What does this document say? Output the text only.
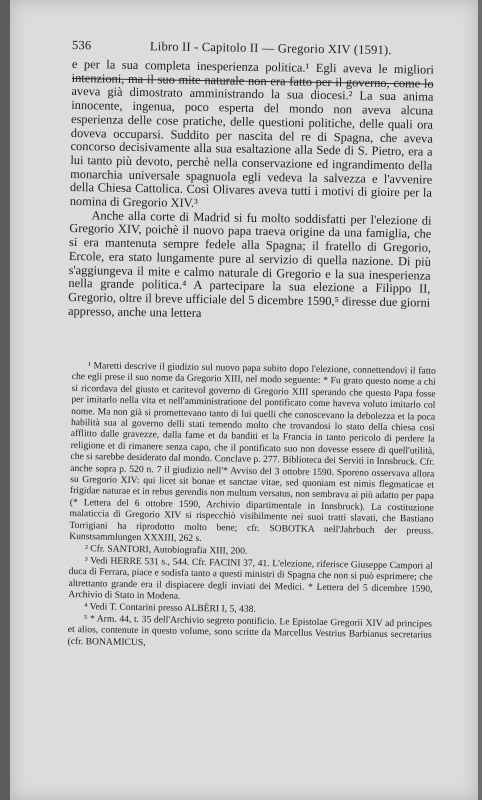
536	Libro II - Capitolo II — Gregorio XIV (1591).

e per la sua completa inesperienza politica.¹ Egli aveva le migliori intenzioni, ma il suo mite naturale non era fatto per il governo, come lo aveva già dimostrato amministrando la sua diocesi.² La sua anima innocente, ingenua, poco esperta del mondo non aveva alcuna esperienza delle cose pratiche, delle questioni politiche, delle quali ora doveva occuparsi. Suddito per nascita del re di Spagna, che aveva concorso decisivamente alla sua esaltazione alla Sede di S. Pietro, era a lui tanto più devoto, perchè nella conservazione ed ingrandimento della monarchia universale spagnuola egli vedeva la salvezza e l'avvenire della Chiesa Cattolica. Così Olivares aveva tutti i motivi di gioire per la nomina di Gregorio XIV.³

Anche alla corte di Madrid si fu molto soddisfatti per l'elezione di Gregorio XIV, poichè il nuovo papa traeva origine da una famiglia, che si era mantenuta sempre fedele alla Spagna; il fratello di Gregorio, Ercole, era stato lungamente pure al servizio di quella nazione. Di più s'aggiungeva il mite e calmo naturale di Gregorio e la sua inesperienza nella grande politica.⁴ A partecipare la sua elezione a Filippo II, Gregorio, oltre il breve ufficiale del 5 dicembre 1590,⁵ diresse due giorni appresso, anche una lettera

¹ Maretti descrive il giudizio sul nuovo papa subito dopo l'elezione, connettendovi il fatto che egli prese il suo nome da Gregorio XIII, nel modo seguente: * Fu grato questo nome a chi si ricordava del giusto et caritevol governo di Gregorio XIII sperando che questo Papa fosse per imitarlo nella vita et nell'amministratione del pontificato come haveva voluto imitarlo col nome. Ma non già si promettevano tanto di lui quelli che conoscevano la debolezza et la poca habilità sua al governo delli stati temendo molto che trovandosi lo stato della chiesa così afflitto dalle gravezze, dalla fame et da banditi et la Francia in tanto pericolo di perdere la religione et di rimanere senza capo, che il pontificato suo non dovesse essere di quell'utilità, che si sarebbe desiderato dal mondo. Conclave p. 277. Biblioteca dei Serviti in Innsbruck. Cfr. anche sopra p. 520 n. 7 il giudizio nell'* Avviso del 3 ottobre 1590. Sporeno osservava allora su Gregorio XIV: qui licet sit bonae et sanctae vitae, sed quoniam est nimis flegmaticae et frigidae naturae et in rebus gerendis non multum versatus, non sembrava ai più adatto per papa (* Lettera del 6 ottobre 1590, Archivio dipartimentale in Innsbruck). La costituzione malaticcia di Gregorio XIV si rispecchiò visibilmente nei suoi tratti slavati, che Bastiano Torrigiani ha riprodotto molto bene; cfr. SOBOTKA nell'Jahrbuch der preuss. Kunstsammlungen XXXIII, 262 s.

² Cfr. SANTORI, Autobiografia XIII, 200.

³ Vedi HERRE 531 s., 544. Cfr. FACINI 37, 41. L'elezione, riferisce Giuseppe Campori al duca di Ferrara, piace e sodisfa tanto a questi ministri di Spagna che non si può esprimere; che altrettanto grande era il dispiacere degli inviati dei Medici. * Lettera del 5 dicembre 1590, Archivio di Stato in Modena.

⁴ Vedi T. Contarini presso ALBÈRI I, 5, 438.

⁵ * Arm. 44, t. 35 dell'Archivio segreto pontificio. Le Epistolae Gregorii XIV ad principes et alios, contenute in questo volume, sono scritte da Marcellus Vestrius Barbianus secretarius (cfr. BONAMICUS,
